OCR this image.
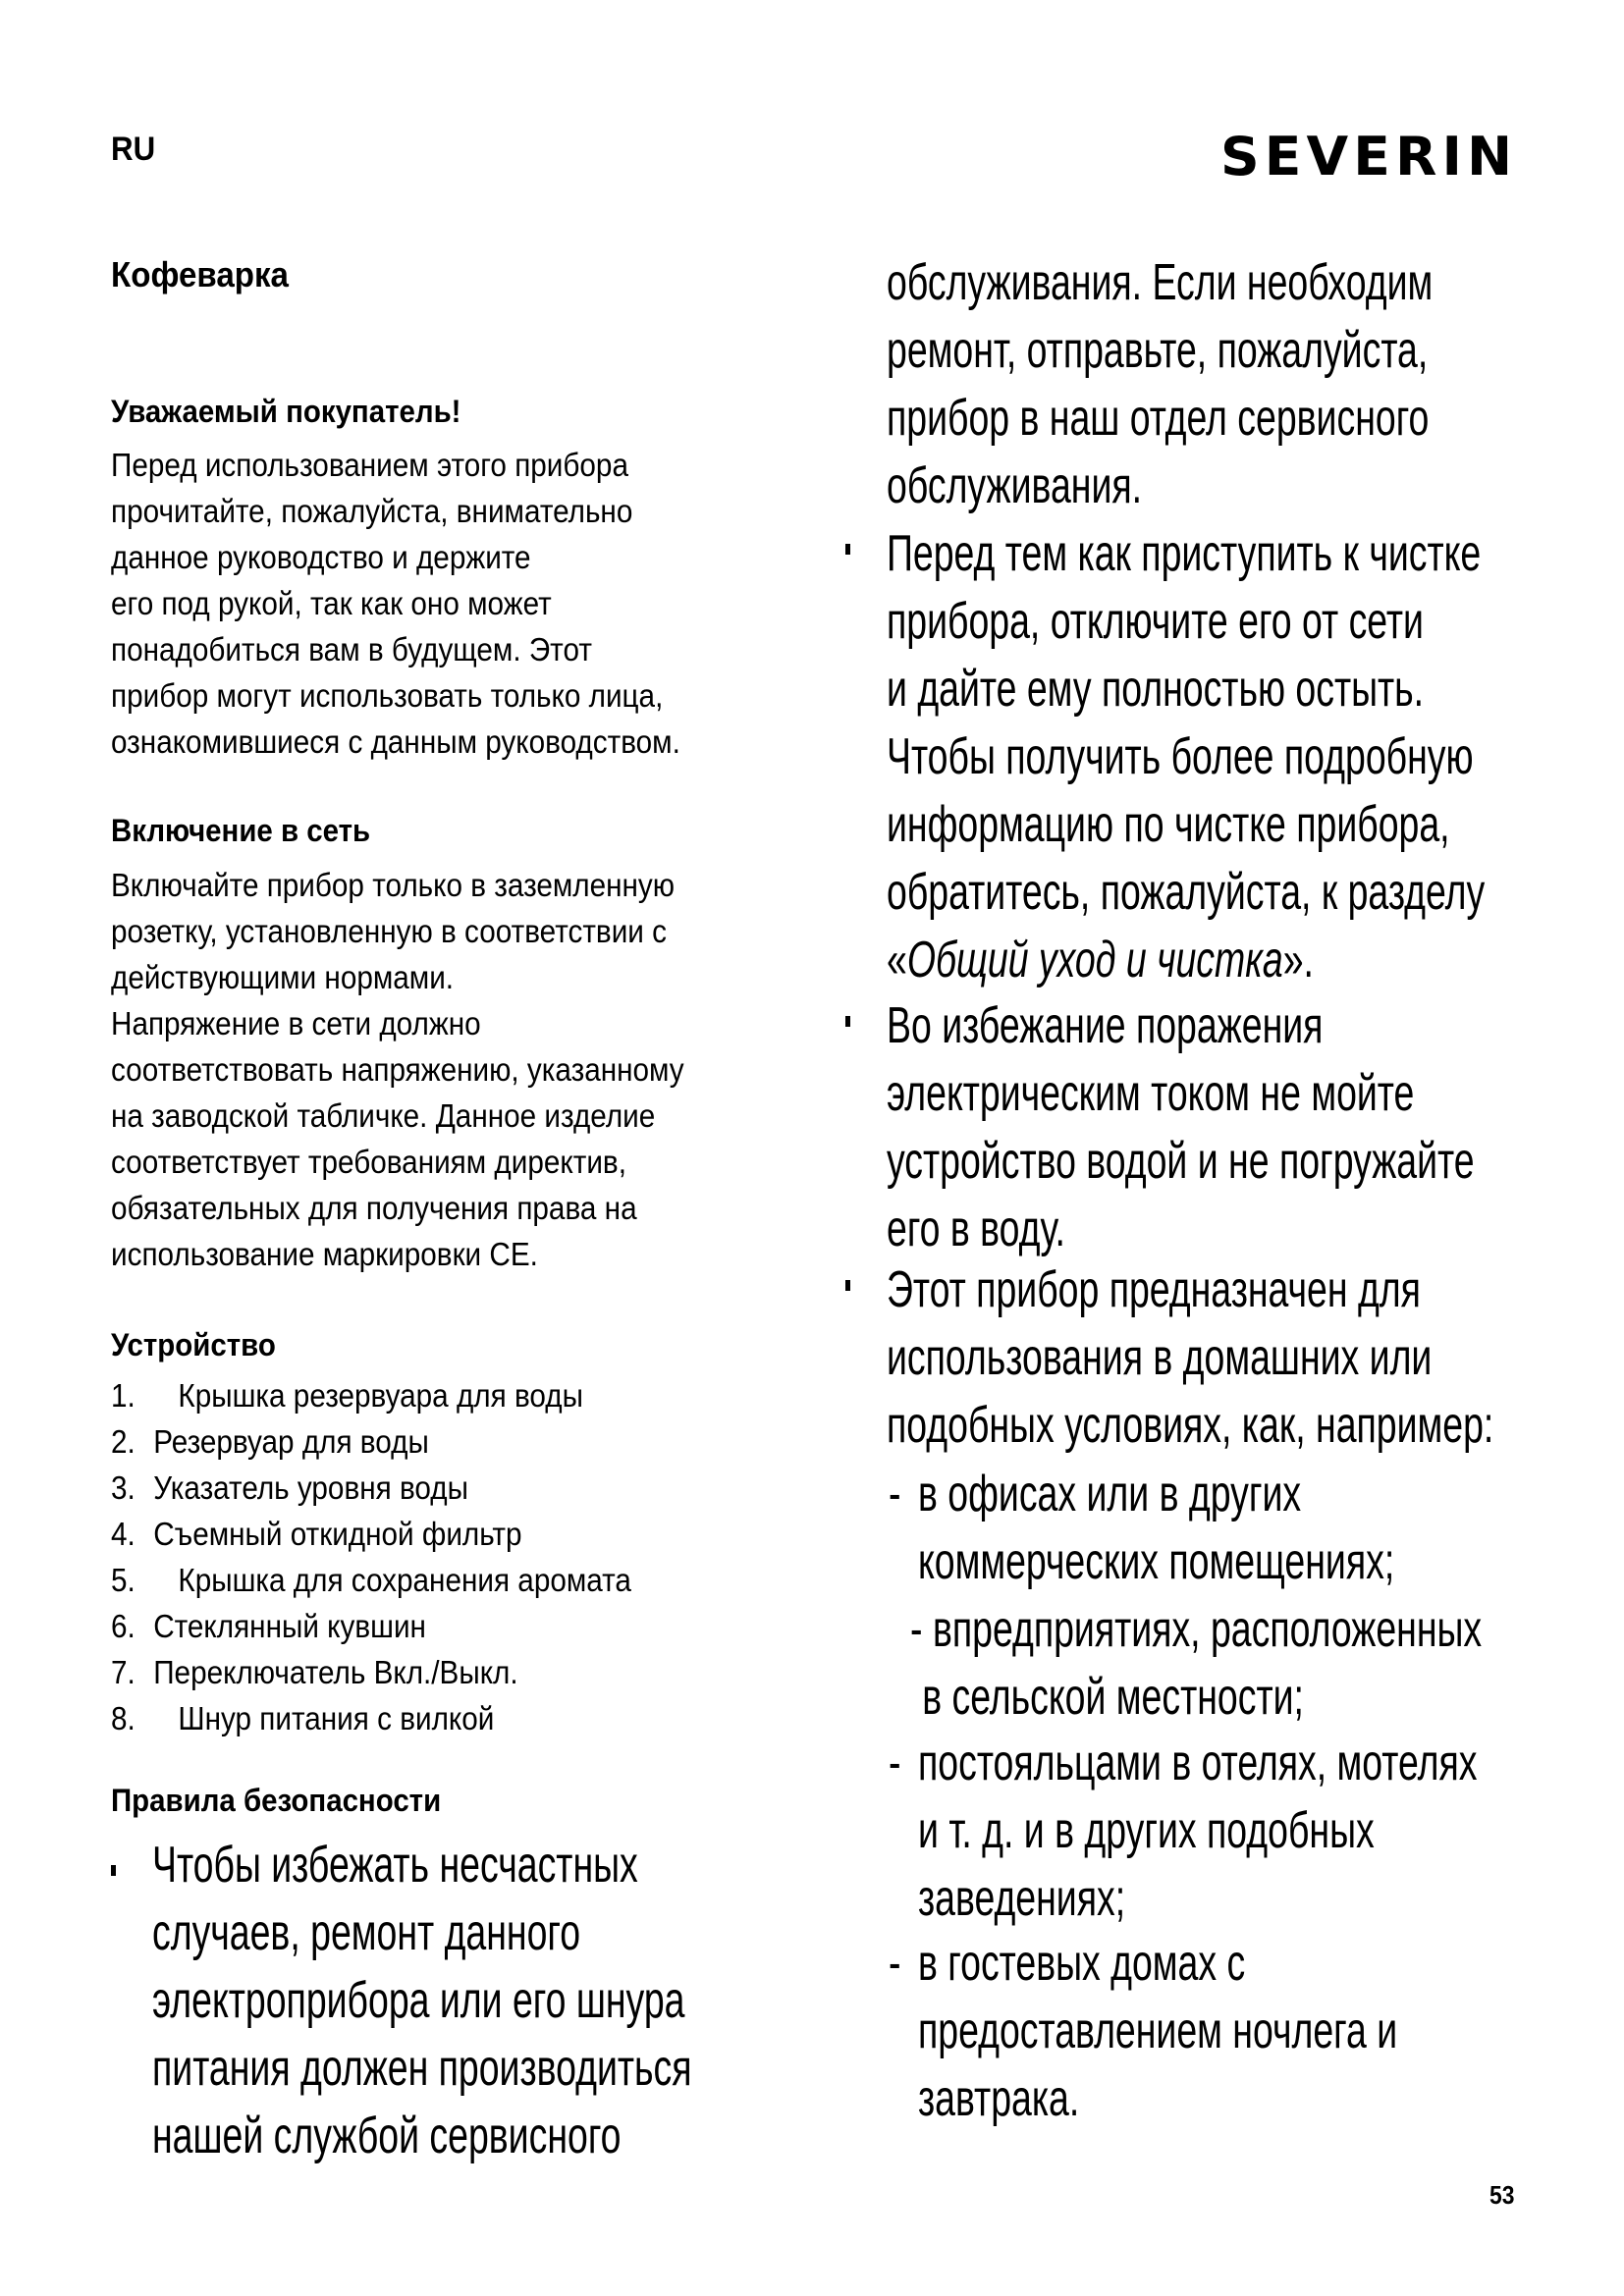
RU	SEVERIN
Кофеварка
Уважаемый покупатель!
Перед использованием этого прибора
прочитайте, пожалуйста, внимательно
данное руководство и держите
его под рукой, так как оно может
понадобиться вам в будущем. Этот
прибор могут использовать только лица,
ознакомившиеся с данным руководством.
Включение в сеть
Включайте прибор только в заземленную
розетку, установленную в соответствии с
действующими нормами.
Напряжение в сети должно
соответствовать напряжению, указанному
на заводской табличке. Данное изделие
соответствует требованиям директив,
обязательных для получения права на
использование маркировки CE.
Устройство
1. Крышка резервуара для воды
2. Резервуар для воды
3. Указатель уровня воды
4. Съемный откидной фильтр
5. Крышка для сохранения аромата
6. Стеклянный кувшин
7. Переключатель Вкл./Выкл.
8. Шнур питания с вилкой
Правила безопасности
Чтобы избежать несчастных
случаев, ремонт данного
электроприбора или его шнура
питания должен производиться
нашей службой сервисного
обслуживания. Если необходим
ремонт, отправьте, пожалуйста,
прибор в наш отдел сервисного
обслуживания.
Перед тем как приступить к чистке
прибора, отключите его от сети
и дайте ему полностью остыть.
Чтобы получить более подробную
информацию по чистке прибора,
обратитесь, пожалуйста, к разделу
«Общий уход и чистка».
Во избежание поражения
электрическим током не мойте
устройство водой и не погружайте
его в воду.
Этот прибор предназначен для
использования в домашних или
подобных условиях, как, например:
- в офисах или в других
коммерческих помещениях;
- впредприятиях, расположенных
в сельской местности;
- постояльцами в отелях, мотелях
и т. д. и в других подобных
заведениях;
- в гостевых домах с
предоставлением ночлега и
завтрака.
53
